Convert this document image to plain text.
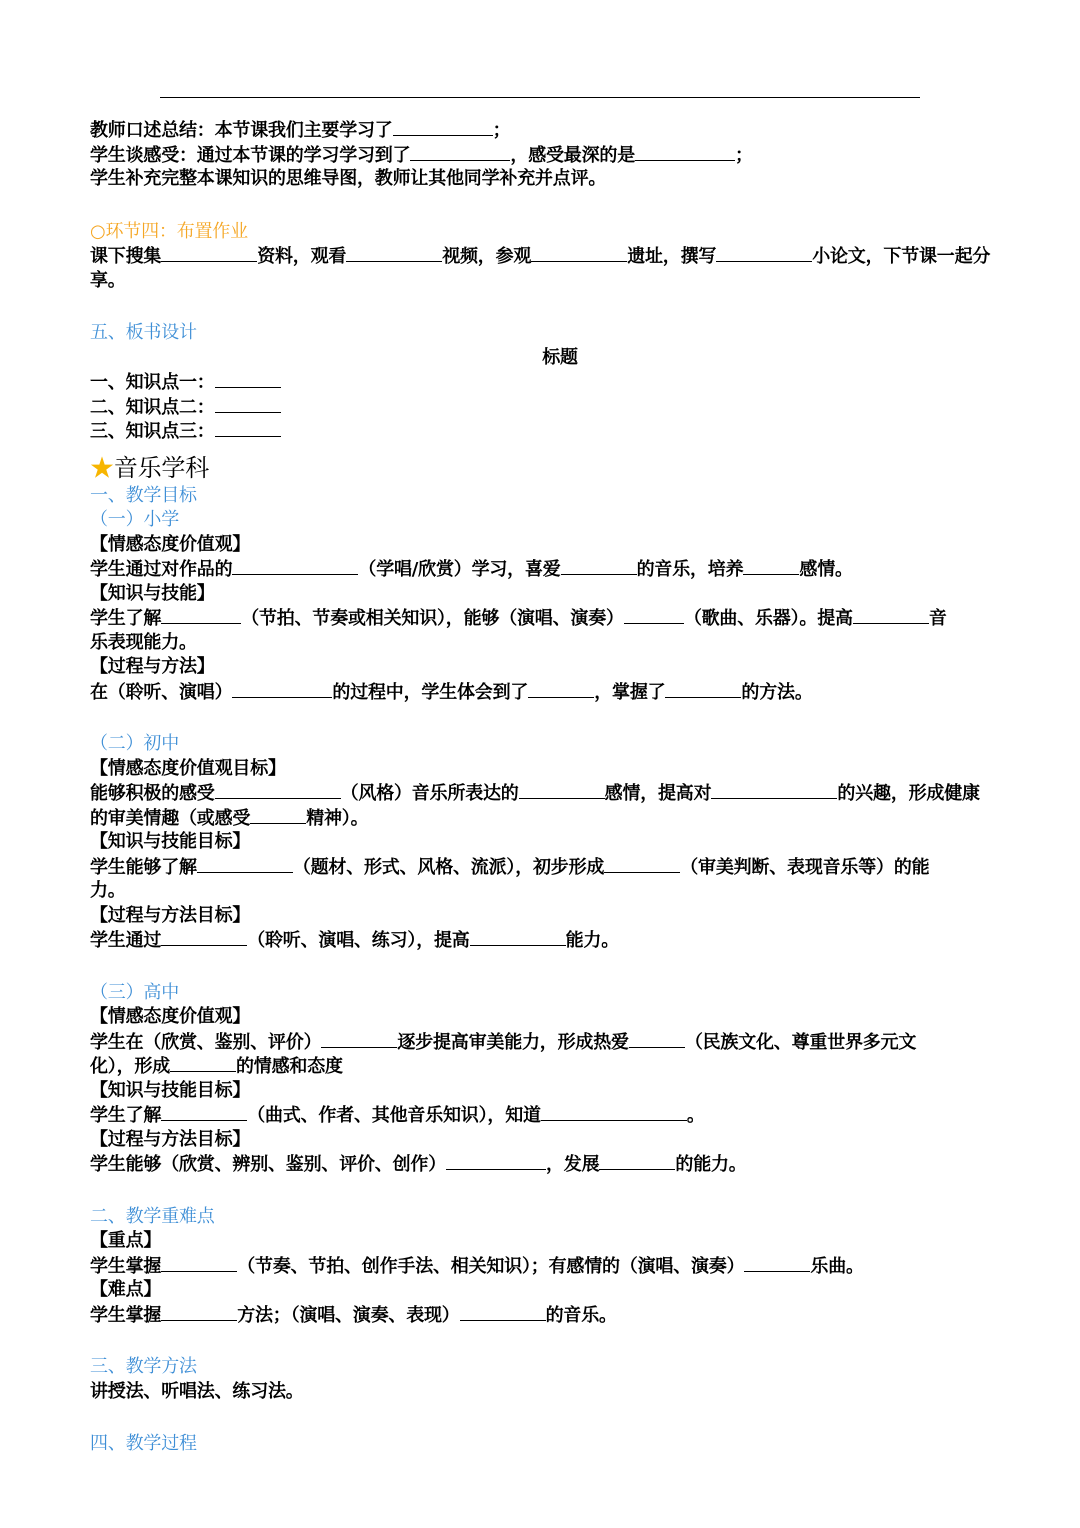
教师口述总结：本节课我们主要学习了	；
学生谈感受：通过本节课的学习学习到了	，感受最深的是	；
学生补充完整本课知识的思维导图，教师让其他同学补充并点评。
○环节四：布置作业
课下搜集	资料，观看	视频，参观	遗址，撰写	小论文，下节课一起分
享。
五、板书设计
标题
一、知识点一：
二、知识点二：
三、知识点三：
★音乐学科
一、教学目标
（一）小学
【情感态度价值观】
学生通过对作品的	（学唱/欣赏）学习，喜爱	的音乐，培养	感情。
【知识与技能】
学生了解	（节拍、节奏或相关知识），能够（演唱、演奏）	（歌曲、乐器）。提高	音
乐表现能力。
【过程与方法】
在（聆听、演唱）	的过程中，学生体会到了	，掌握了	的方法。
（二）初中
【情感态度价值观目标】
能够积极的感受	（风格）音乐所表达的	感情，提高对	的兴趣，形成健康
的审美情趣（或感受	精神）。
【知识与技能目标】
学生能够了解	（题材、形式、风格、流派），初步形成	（审美判断、表现音乐等）的能
力。
【过程与方法目标】
学生通过	（聆听、演唱、练习），提高	能力。
（三）高中
【情感态度价值观】
学生在（欣赏、鉴别、评价）	逐步提高审美能力，形成热爱	（民族文化、尊重世界多元文
化），形成	的情感和态度
【知识与技能目标】
学生了解	（曲式、作者、其他音乐知识），知道	。
【过程与方法目标】
学生能够（欣赏、辨别、鉴别、评价、创作）	，发展	的能力。
二、教学重难点
【重点】
学生掌握	（节奏、节拍、创作手法、相关知识）；有感情的（演唱、演奏）	乐曲。
【难点】
学生掌握	方法；（演唱、演奏、表现）	的音乐。
三、教学方法
讲授法、听唱法、练习法。
四、教学过程
